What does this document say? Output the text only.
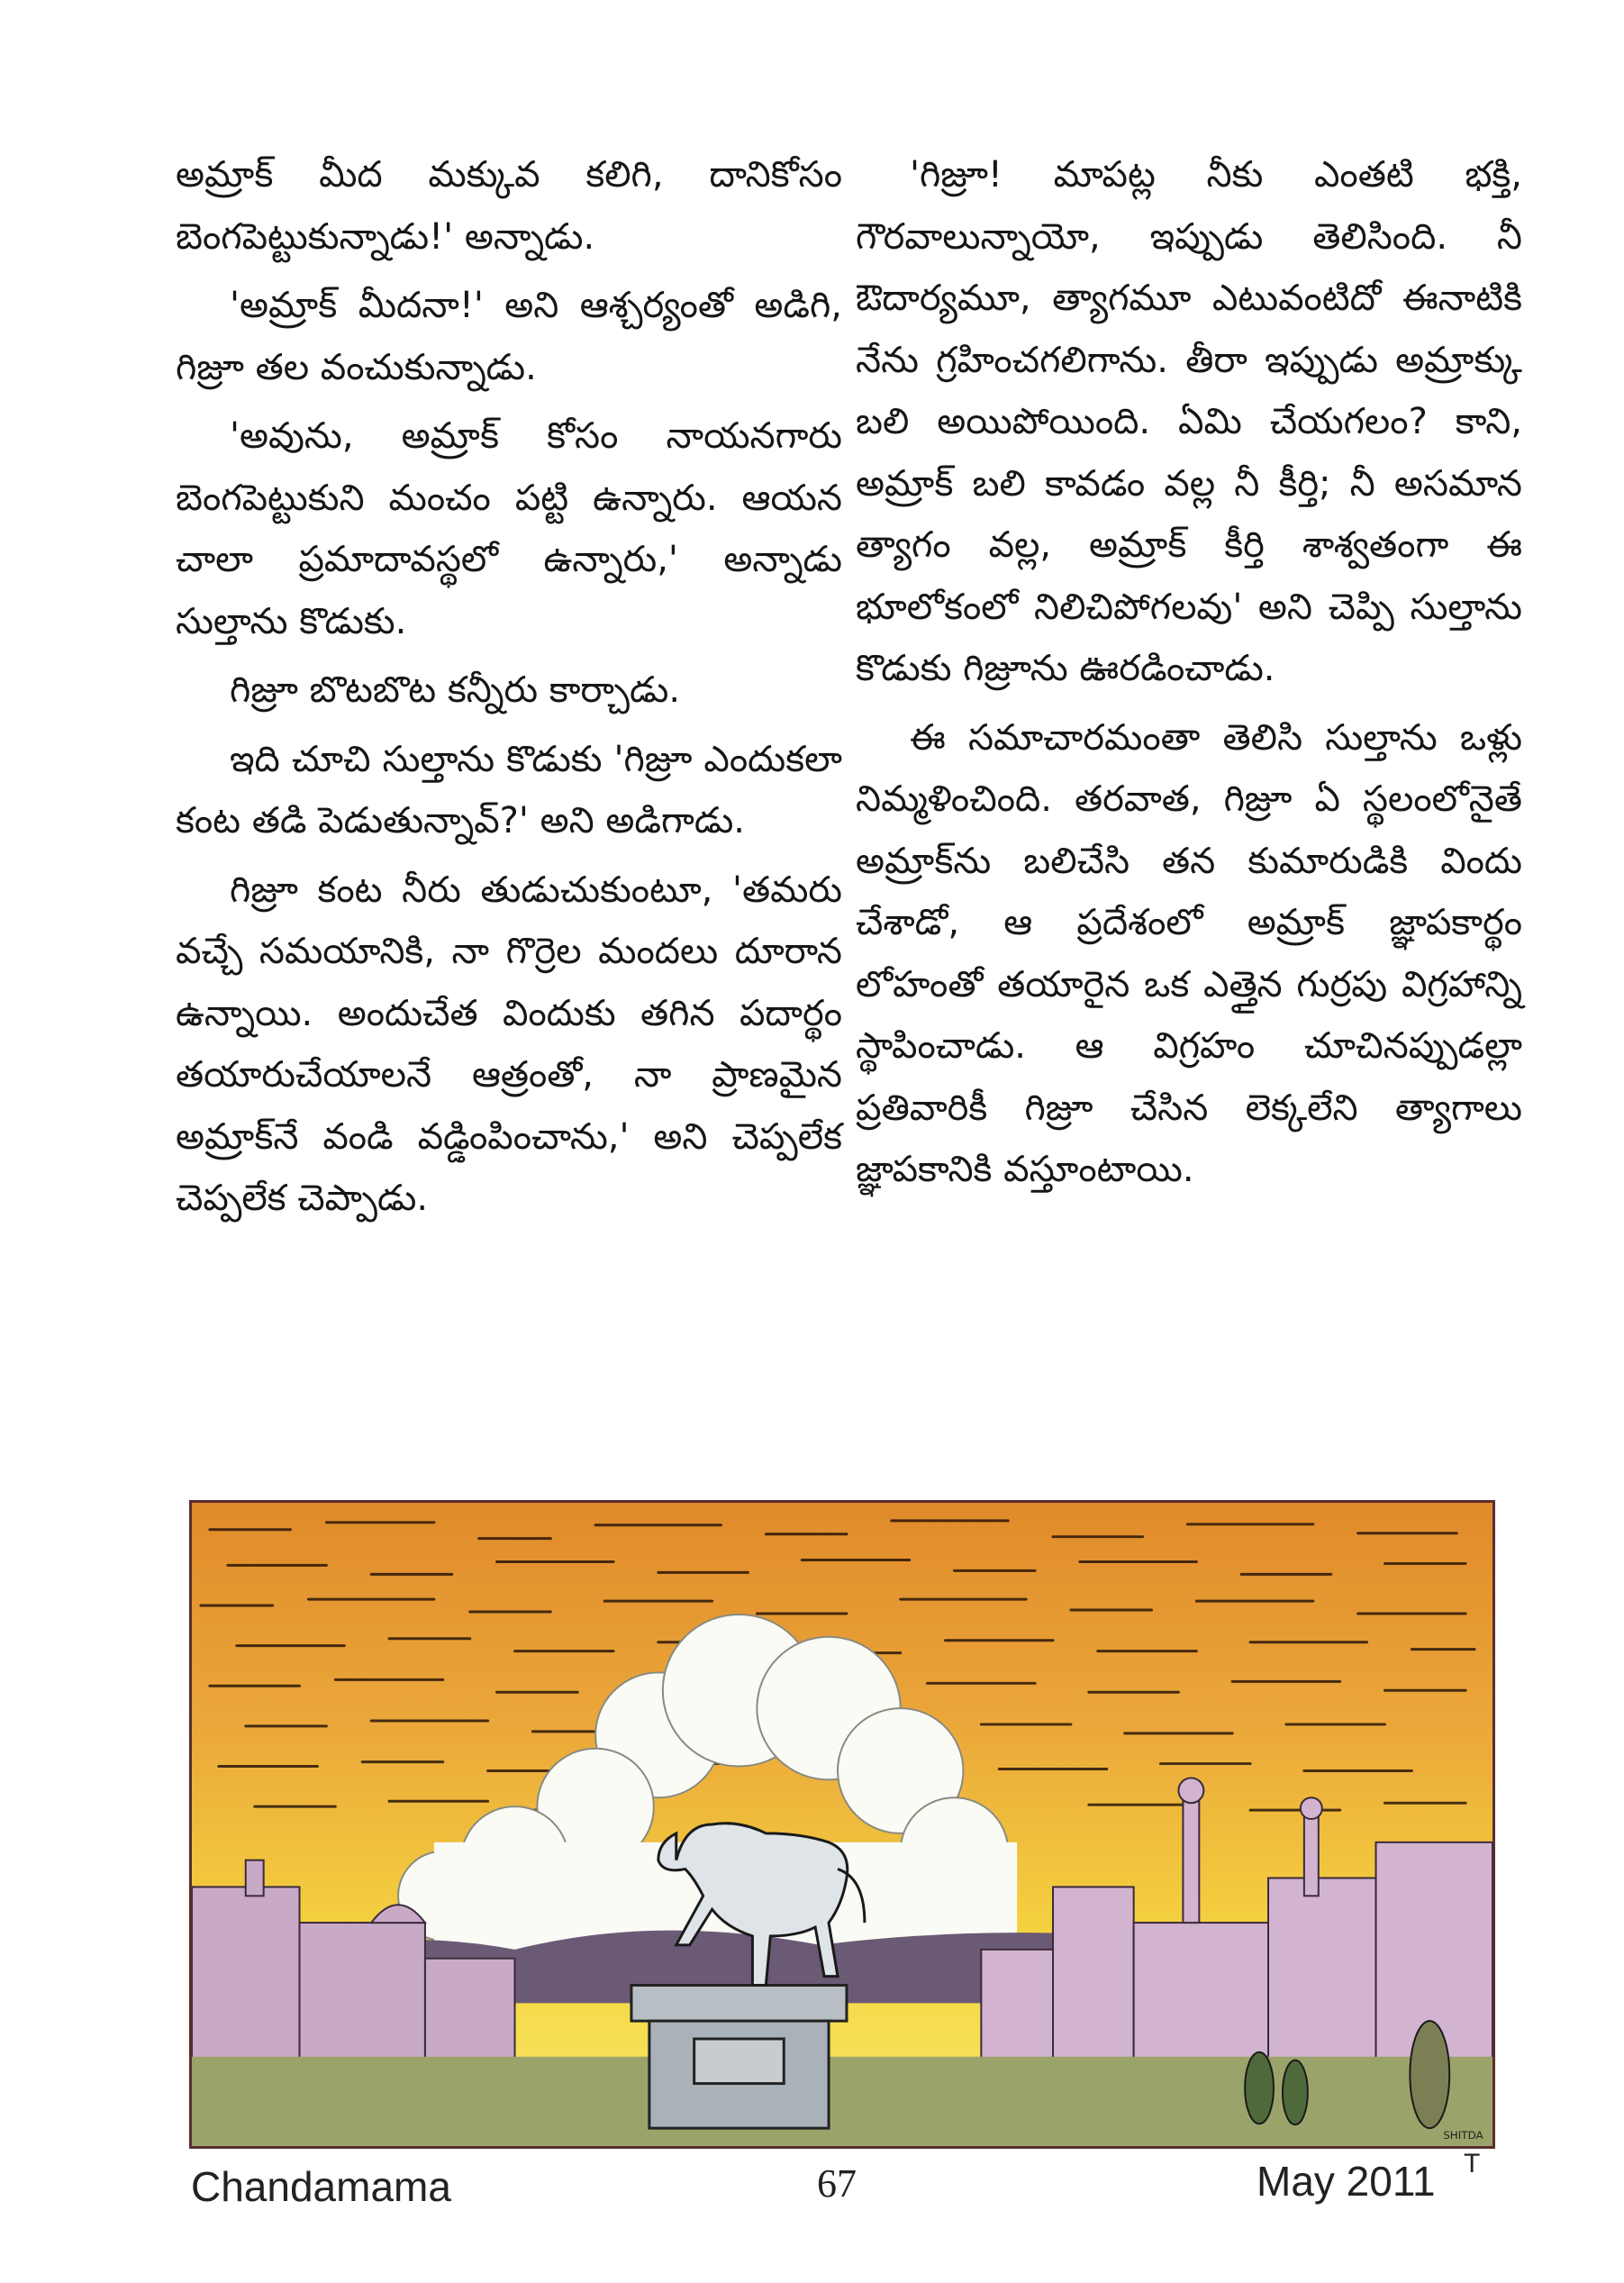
అమ్రాక్ మీద మక్కువ కలిగి, దానికోసం బెంగపెట్టుకున్నాడు!' అన్నాడు.

'అమ్రాక్ మీదనా!' అని ఆశ్చర్యంతో అడిగి, గిజ్రూ తల వంచుకున్నాడు.

'అవును, అమ్రాక్ కోసం నాయనగారు బెంగపెట్టుకుని మంచం పట్టి ఉన్నారు. ఆయన చాలా ప్రమాదావస్థలో ఉన్నారు,' అన్నాడు సుల్తాను కొడుకు.

గిజ్రూ బొటబొట కన్నీరు కార్చాడు.

ఇది చూచి సుల్తాను కొడుకు 'గిజ్రూ ఎందుకలా కంట తడి పెడుతున్నావ్?' అని అడిగాడు.

గిజ్రూ కంట నీరు తుడుచుకుంటూ, 'తమరు వచ్చే సమయానికి, నా గొర్రెల మందలు దూరాన ఉన్నాయి. అందుచేత విందుకు తగిన పదార్థం తయారుచేయాలనే ఆత్రంతో, నా ప్రాణమైన అమ్రాక్‌నే వండి వడ్డింపించాను,' అని చెప్పలేక చెప్పలేక చెప్పాడు.

'గిజ్రూ! మాపట్ల నీకు ఎంతటి భక్తి, గౌరవాలున్నాయో, ఇప్పుడు తెలిసింది. నీ ఔదార్యమూ, త్యాగమూ ఎటువంటిదో ఈనాటికి నేను గ్రహించగలిగాను. తీరా ఇప్పుడు అమ్రాక్కు బలి అయిపోయింది. ఏమి చేయగలం? కాని, అమ్రాక్ బలి కావడం వల్ల నీ కీర్తి; నీ అసమాన త్యాగం వల్ల, అమ్రాక్ కీర్తి శాశ్వతంగా ఈ భూలోకంలో నిలిచిపోగలవు' అని చెప్పి సుల్తాను కొడుకు గిజ్రూను ఊరడించాడు.

ఈ సమాచారమంతా తెలిసి సుల్తాను ఒళ్లు నిమ్మళించింది. తరవాత, గిజ్రూ ఏ స్థలంలోనైతే అమ్రాక్‌ను బలిచేసి తన కుమారుడికి విందు చేశాడో, ఆ ప్రదేశంలో అమ్రాక్ జ్ఞాపకార్థం లోహంతో తయారైన ఒక ఎత్తైన గుర్రపు విగ్రహాన్ని స్థాపించాడు. ఆ విగ్రహం చూచినప్పుడల్లా ప్రతివారికీ గిజ్రూ చేసిన లెక్కలేని త్యాగాలు జ్ఞాపకానికి వస్తూంటాయి.

SHITDA
Chandamama	67	May 2011 T
